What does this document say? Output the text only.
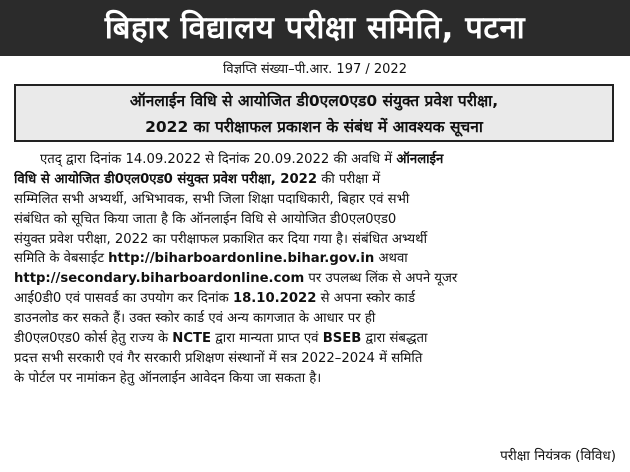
बिहार विद्यालय परीक्षा समिति, पटना
विज्ञप्ति संख्या–पी.आर. 197 / 2022
ऑनलाईन विधि से आयोजित डी0एल0एड0 संयुक्त प्रवेश परीक्षा,
2022 का परीक्षाफल प्रकाशन के संबंध में आवश्यक सूचना
एतद् द्वारा दिनांक 14.09.2022 से दिनांक 20.09.2022 की अवधि में ऑनलाईन
विधि से आयोजित डी0एल0एड0 संयुक्त प्रवेश परीक्षा, 2022 की परीक्षा में
सम्मिलित सभी अभ्यर्थी, अभिभावक, सभी जिला शिक्षा पदाधिकारी, बिहार एवं सभी
संबंधित को सूचित किया जाता है कि ऑनलाईन विधि से आयोजित डी0एल0एड0
संयुक्त प्रवेश परीक्षा, 2022 का परीक्षाफल प्रकाशित कर दिया गया है। संबंधित अभ्यर्थी
समिति के वेबसाईट http://biharboardonline.bihar.gov.in अथवा
http://secondary.biharboardonline.com पर उपलब्ध लिंक से अपने यूजर
आई0डी0 एवं पासवर्ड का उपयोग कर दिनांक 18.10.2022 से अपना स्कोर कार्ड
डाउनलोड कर सकते हैं। उक्त स्कोर कार्ड एवं अन्य कागजात के आधार पर ही
डी0एल0एड0 कोर्स हेतु राज्य के NCTE द्वारा मान्यता प्राप्त एवं BSEB द्वारा संबद्धता
प्रदत्त सभी सरकारी एवं गैर सरकारी प्रशिक्षण संस्थानों में सत्र 2022–2024 में समिति
के पोर्टल पर नामांकन हेतु ऑनलाईन आवेदन किया जा सकता है।
परीक्षा नियंत्रक (विविध)
